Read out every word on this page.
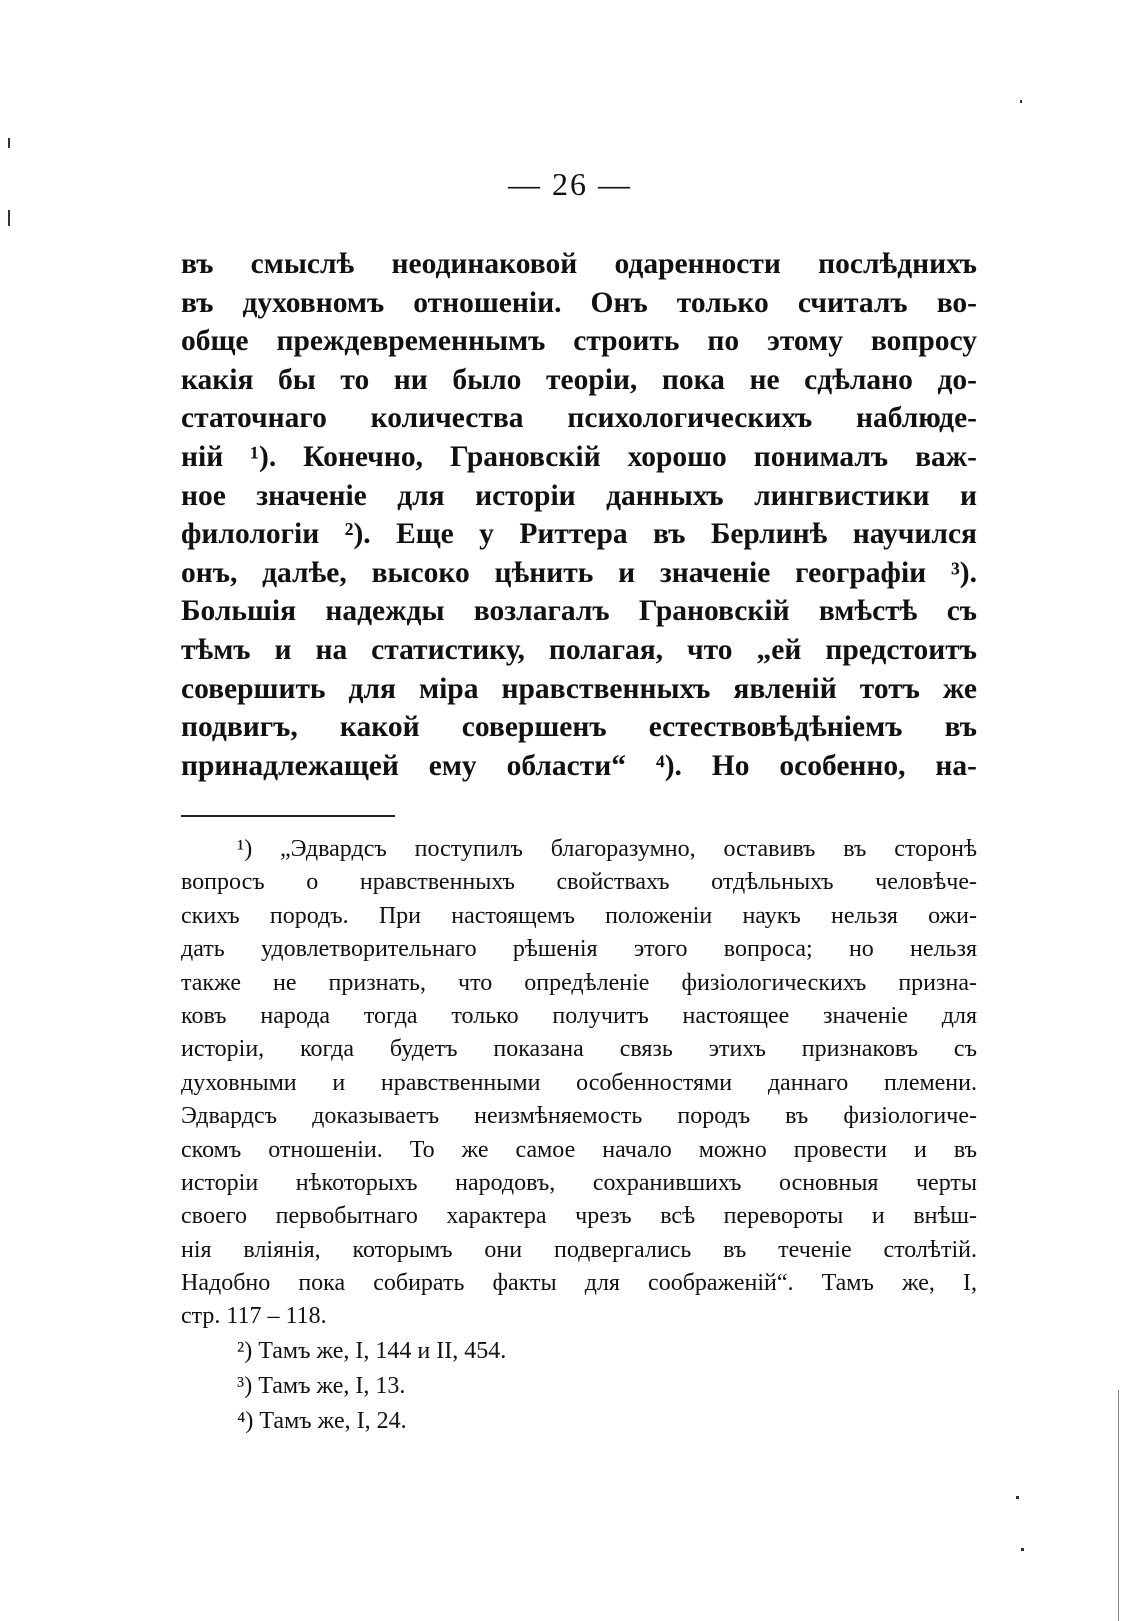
— 26 —
въ смыслѣ неодинаковой одаренности послѣднихъ
въ духовномъ отношеніи. Онъ только считалъ во-
обще преждевременнымъ строить по этому вопросу
какія бы то ни было теоріи, пока не сдѣлано до-
статочнаго количества психологическихъ наблюде-
ній ¹). Конечно, Грановскій хорошо понималъ важ-
ное значеніе для исторіи данныхъ лингвистики и
филологіи ²). Еще у Риттера въ Берлинѣ научился
онъ, далѣе, высоко цѣнить и значеніе географіи ³).
Большія надежды возлагалъ Грановскій вмѣстѣ съ
тѣмъ и на статистику, полагая, что „ей предстоитъ
совершить для міра нравственныхъ явленій тотъ же
подвигъ, какой совершенъ естествовѣдѣніемъ въ
принадлежащей ему области“ ⁴). Но особенно, на-
¹) „Эдвардсъ поступилъ благоразумно, оставивъ въ сторонѣ
вопросъ о нравственныхъ свойствахъ отдѣльныхъ человѣче-
скихъ породъ. При настоящемъ положеніи наукъ нельзя ожи-
дать удовлетворительнаго рѣшенія этого вопроса; но нельзя
также не признать, что опредѣленіе физіологическихъ призна-
ковъ народа тогда только получитъ настоящее значеніе для
исторіи, когда будетъ показана связь этихъ признаковъ съ
духовными и нравственными особенностями даннаго племени.
Эдвардсъ доказываетъ неизмѣняемость породъ въ физіологиче-
скомъ отношеніи. То же самое начало можно провести и въ
исторіи нѣкоторыхъ народовъ, сохранившихъ основныя черты
своего первобытнаго характера чрезъ всѣ перевороты и внѣш-
нія вліянія, которымъ они подвергались въ теченіе столѣтій.
Надобно пока собирать факты для соображеній“. Тамъ же, I,
стр. 117 – 118.
²) Тамъ же, I, 144 и II, 454.
³) Тамъ же, I, 13.
⁴) Тамъ же, I, 24.
